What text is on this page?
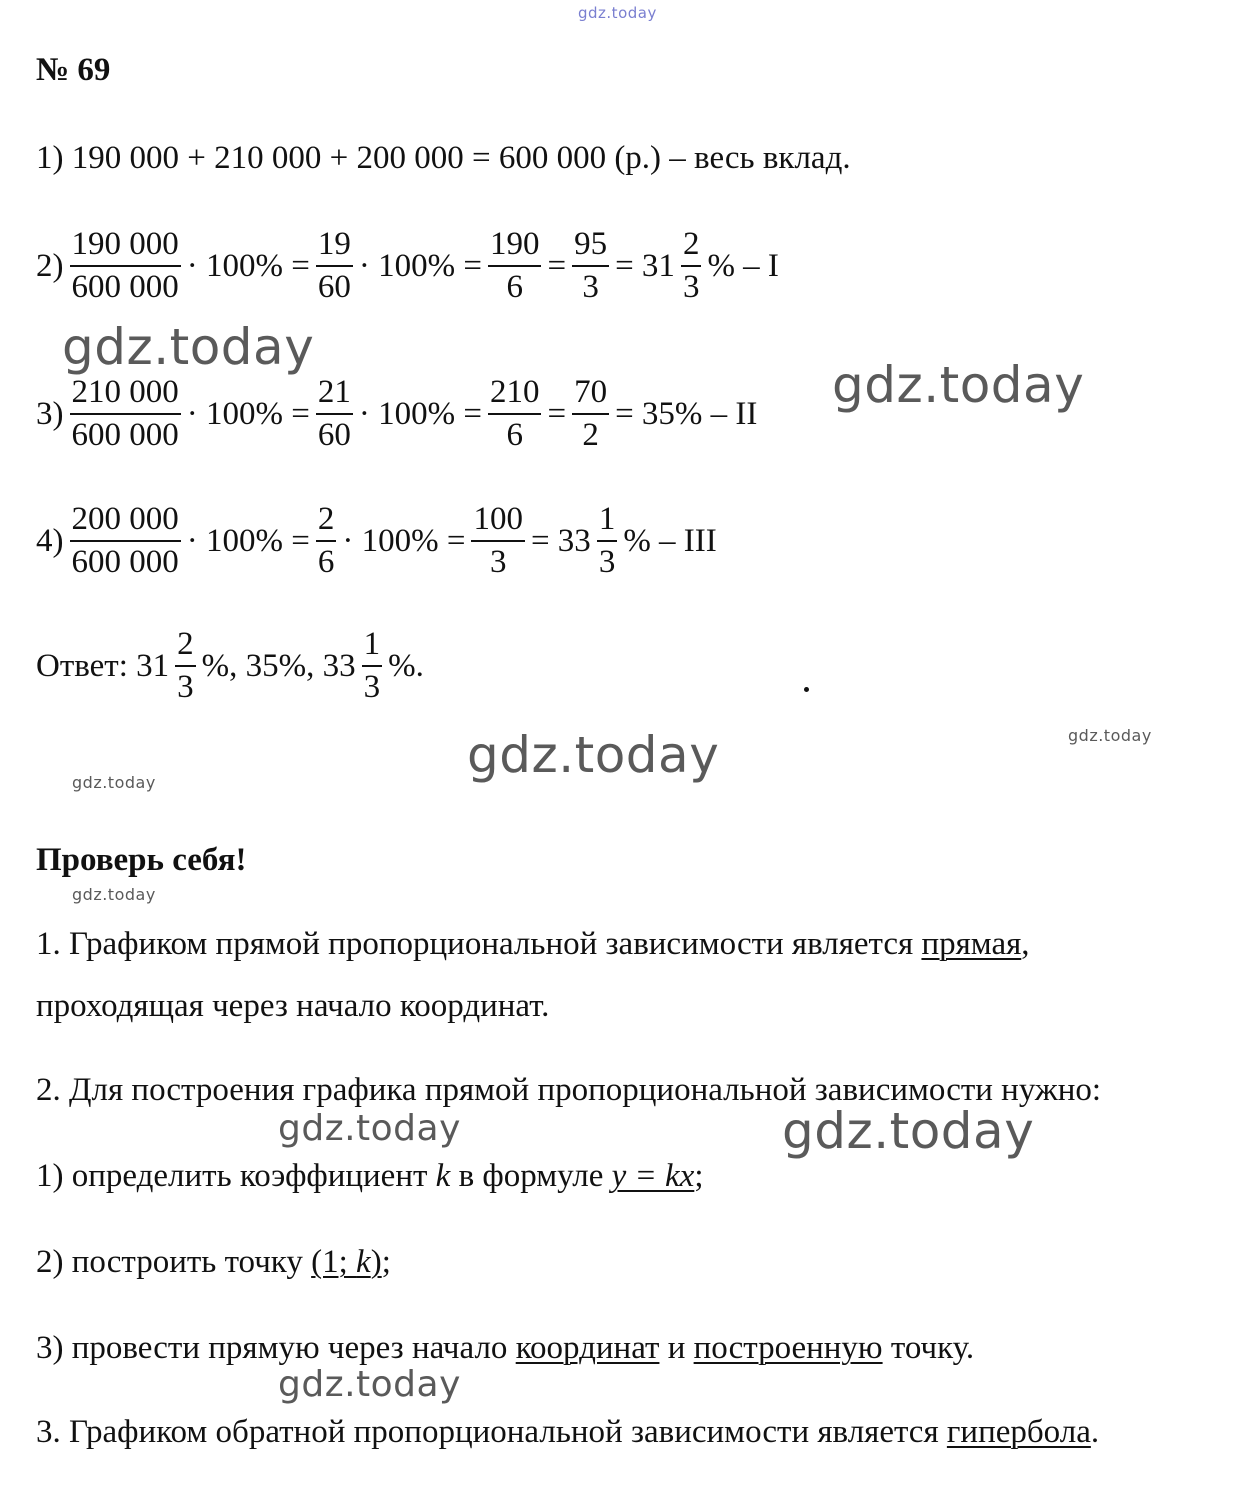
gdz.today
gdz.today
gdz.today
gdz.today	gdz.today
gdz.today
gdz.today
gdz.today	gdz.today
gdz.today
№ 69
1) 190 000 + 210 000 + 200 000 = 600 000 (р.) – весь вклад.
$2) \frac{190 000}{600 000} \cdot 100\% = \frac{19}{60} \cdot 100\% = \frac{190}{6} = \frac{95}{3} = 31 \frac{2}{3}$ % – I
$3) \frac{210 000}{600 000} \cdot 100\% = \frac{21}{60} \cdot 100\% = \frac{210}{6} = \frac{70}{2} = 35\%$ – II
$4) \frac{200 000}{600 000} \cdot 100\% = \frac{2}{6} \cdot 100\% = \frac{100}{3} = 33 \frac{1}{3}$ % – III
Ответ: $31 \frac{2}{3}$ %, 35%, $33 \frac{1}{3}$ %.
Проверь себя!
1. Графиком прямой пропорциональной зависимости является прямая,
проходящая через начало координат.
2. Для построения графика прямой пропорциональной зависимости нужно:
1) определить коэффициент k в формуле y = kx;
2) построить точку (1; k);
3) провести прямую через начало координат и построенную точку.
3. Графиком обратной пропорциональной зависимости является гипербола.
